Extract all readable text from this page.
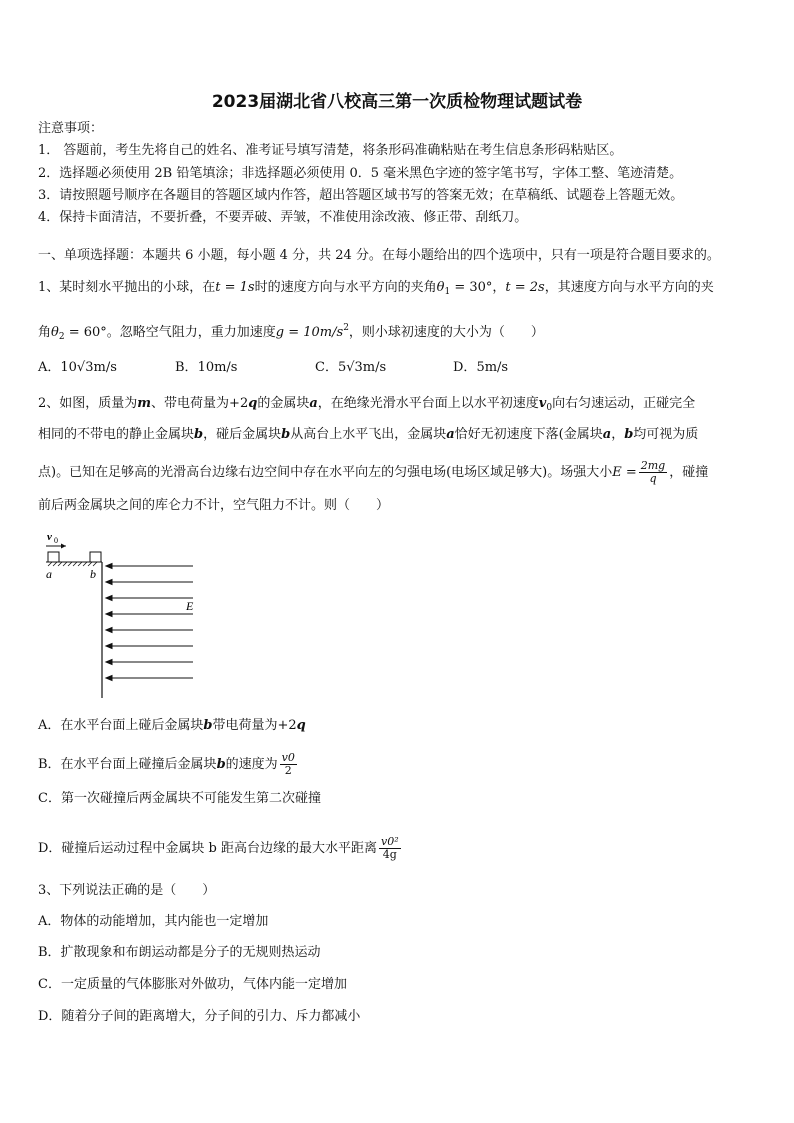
2023届湖北省八校高三第一次质检物理试题试卷
注意事项：
1． 答题前，考生先将自己的姓名、准考证号填写清楚，将条形码准确粘贴在考生信息条形码粘贴区。
2．选择题必须使用 2B 铅笔填涂；非选择题必须使用 0．5 毫米黑色字迹的签字笔书写，字体工整、笔迹清楚。
3．请按照题号顺序在各题目的答题区域内作答，超出答题区域书写的答案无效；在草稿纸、试题卷上答题无效。
4．保持卡面清洁，不要折叠，不要弄破、弄皱，不准使用涂改液、修正带、刮纸刀。
一、单项选择题：本题共 6 小题，每小题 4 分，共 24 分。在每小题给出的四个选项中，只有一项是符合题目要求的。
1、某时刻水平抛出的小球，在t = 1s时的速度方向与水平方向的夹角$\theta_1 = 30^\circ$，t = 2s，其速度方向与水平方向的夹
角$\theta_2 = 60^\circ$。忽略空气阻力，重力加速度$g = 10m/s^2$，则小球初速度的大小为（　　）
A．10√3m/s	B．10m/s	C．5√3m/s	D．5m/s
2、如图，质量为m、带电荷量为+2q的金属块a，在绝缘光滑水平台面上以水平初速度$v_0$向右匀速运动，正碰完全
相同的不带电的静止金属块b，碰后金属块b从高台上水平飞出，金属块a恰好无初速度下落(金属块a，b均可视为质
点)。已知在足够高的光滑高台边缘右边空间中存在水平向左的匀强电场(电场区域足够大)。场强大小$E = \frac{2mg}{q}$ ，碰撞
前后两金属块之间的库仑力不计，空气阻力不计。则（　　）
v 0
a	b
E
A．在水平台面上碰后金属块b带电荷量为+2q
B．在水平台面上碰撞后金属块b的速度为 $\frac{v0}{2}$
C．第一次碰撞后两金属块不可能发生第二次碰撞
D．碰撞后运动过程中金属块 b 距高台边缘的最大水平距离 $\frac{\text{v0²}}{4g}$
3、下列说法正确的是（　　）
A．物体的动能增加，其内能也一定增加
B．扩散现象和布朗运动都是分子的无规则热运动
C．一定质量的气体膨胀对外做功，气体内能一定增加
D．随着分子间的距离增大，分子间的引力、斥力都减小
